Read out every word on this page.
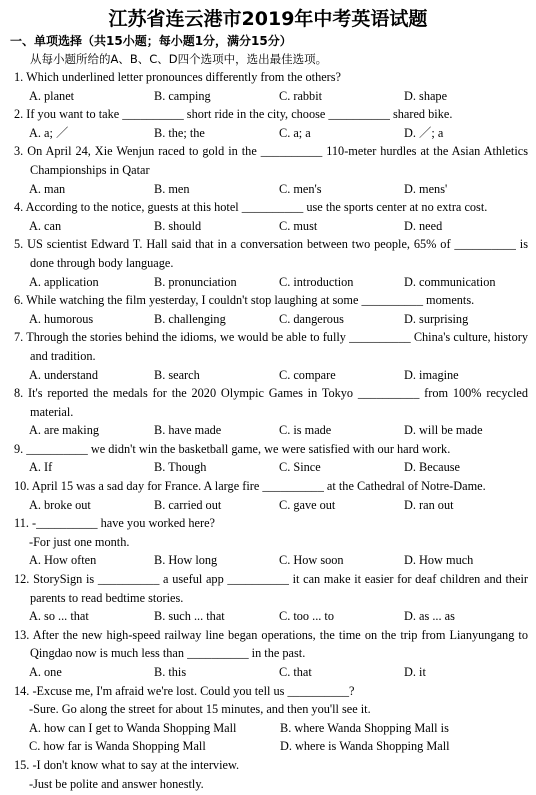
江苏省连云港市2019年中考英语试题
一、单项选择（共15小题；每小题1分，满分15分）
从每小题所给的A、B、C、D四个选项中，选出最佳选项。
1. Which underlined letter pronounces differently from the others?
A. planet	B. camping	C. rabbit	D. shape
2. If you want to take __________ short ride in the city, choose __________ shared bike.
A. a; ／	B. the; the	C. a; a	D. ／; a
3. On April 24, Xie Wenjun raced to gold in the __________ 110-meter hurdles at the Asian Athletics Championships in Qatar
A. man	B. men	C. men's	D. mens'
4. According to the notice, guests at this hotel __________ use the sports center at no extra cost.
A. can	B. should	C. must	D. need
5. US scientist Edward T. Hall said that in a conversation between two people, 65% of __________ is done through body language.
A. application	B. pronunciation	C. introduction	D. communication
6. While watching the film yesterday, I couldn't stop laughing at some __________ moments.
A. humorous	B. challenging	C. dangerous	D. surprising
7. Through the stories behind the idioms, we would be able to fully __________ China's culture, history and tradition.
A. understand	B. search	C. compare	D. imagine
8. It's reported the medals for the 2020 Olympic Games in Tokyo __________ from 100% recycled material.
A. are making	B. have made	C. is made	D. will be made
9. __________ we didn't win the basketball game, we were satisfied with our hard work.
A. If	B. Though	C. Since	D. Because
10. April 15 was a sad day for France. A large fire __________ at the Cathedral of Notre-Dame.
A. broke out	B. carried out	C. gave out	D. ran out
11. -__________ have you worked here?
-For just one month.
A. How often	B. How long	C. How soon	D. How much
12. StorySign is __________ a useful app __________ it can make it easier for deaf children and their parents to read bedtime stories.
A. so ... that	B. such ... that	C. too ... to	D. as ... as
13. After the new high-speed railway line began operations, the time on the trip from Lianyungang to Qingdao now is much less than __________ in the past.
A. one	B. this	C. that	D. it
14. -Excuse me, I'm afraid we're lost. Could you tell us __________?
-Sure. Go along the street for about 15 minutes, and then you'll see it.
A. how can I get to Wanda Shopping Mall	B. where Wanda Shopping Mall is
C. how far is Wanda Shopping Mall	D. where is Wanda Shopping Mall
15. -I don't know what to say at the interview.
-Just be polite and answer honestly.
